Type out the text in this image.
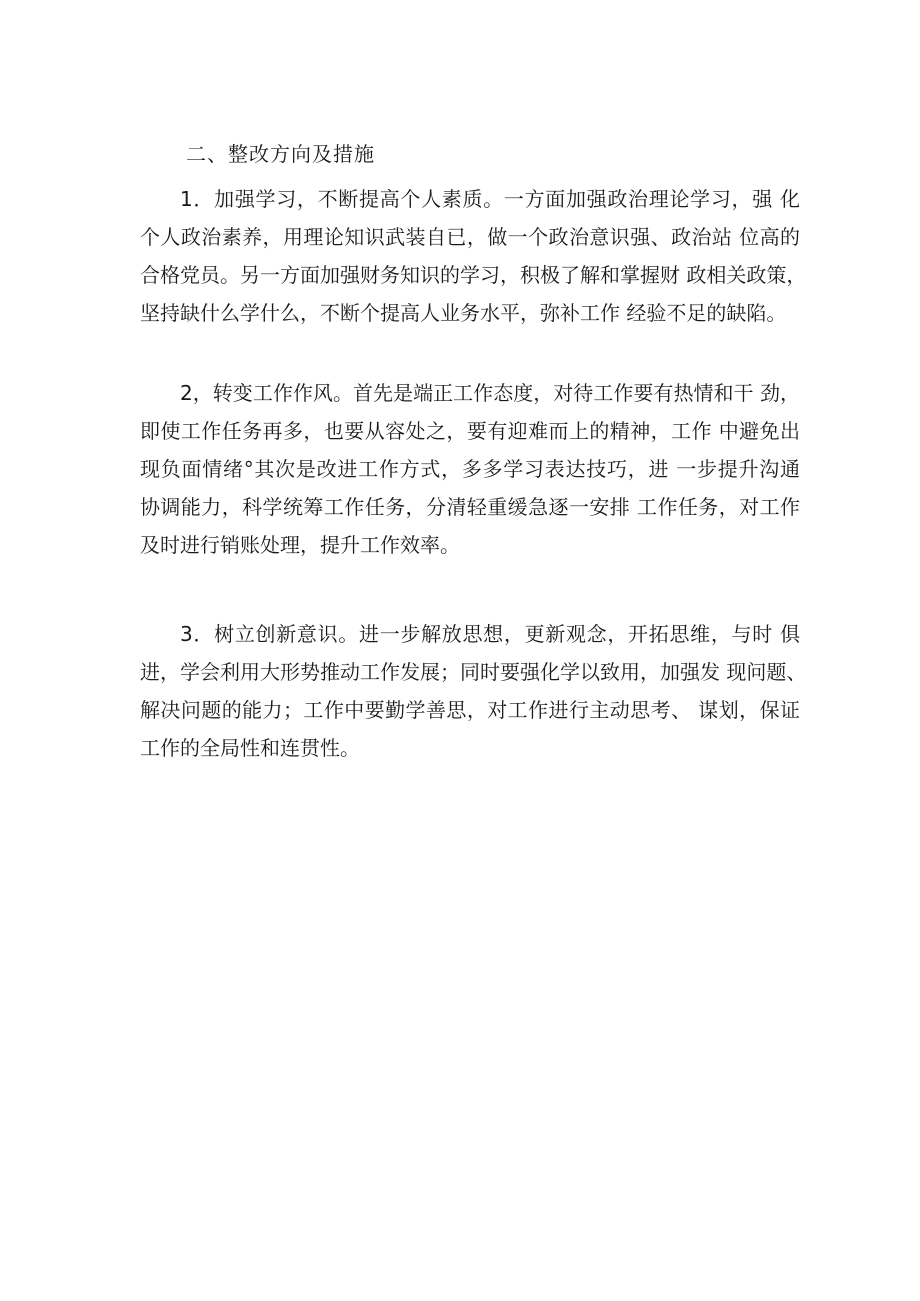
二、整改方向及措施
1．加强学习，不断提高个人素质。一方面加强政治理论学习，强 化
个人政治素养，用理论知识武装自已，做一个政治意识强、政治站 位高的
合格党员。另一方面加强财务知识的学习，积极了解和掌握财 政相关政策，
坚持缺什么学什么，不断个提高人业务水平，弥补工作 经验不足的缺陷。
2，转变工作作风。首先是端正工作态度，对待工作要有热情和干 劲，
即使工作任务再多，也要从容处之，要有迎难而上的精神，工作 中避免出
现负面情绪°其次是改进工作方式，多多学习表达技巧，进 一步提升沟通
协调能力，科学统筹工作任务，分清轻重缓急逐一安排 工作任务，对工作
及时进行销账处理，提升工作效率。
3．树立创新意识。进一步解放思想，更新观念，开拓思维，与时 俱
进，学会利用大形势推动工作发展；同时要强化学以致用，加强发 现问题、
解决问题的能力；工作中要勤学善思，对工作进行主动思考、 谋划，保证
工作的全局性和连贯性。
